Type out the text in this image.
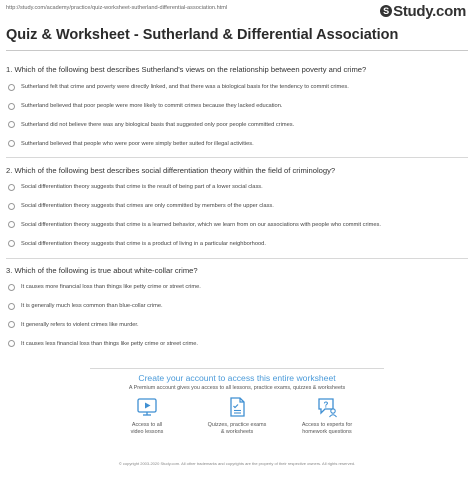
http://study.com/academy/practice/quiz-worksheet-sutherland-differential-association.html	S Study.com
Quiz & Worksheet - Sutherland & Differential Association
1. Which of the following best describes Sutherland's views on the relationship between poverty and crime?
Sutherland felt that crime and poverty were directly linked, and that there was a biological basis for the tendency to commit crimes.
Sutherland believed that poor people were more likely to commit crimes because they lacked education.
Sutherland did not believe there was any biological basis that suggested only poor people committed crimes.
Sutherland believed that people who were poor were simply better suited for illegal activities.
2. Which of the following best describes social differentiation theory within the field of criminology?
Social differentiation theory suggests that crime is the result of being part of a lower social class.
Social differentiation theory suggests that crimes are only committed by members of the upper class.
Social differentiation theory suggests that crime is a learned behavior, which we learn from on our associations with people who commit crimes.
Social differentiation theory suggests that crime is a product of living in a particular neighborhood.
3. Which of the following is true about white-collar crime?
It causes more financial loss than things like petty crime or street crime.
It is generally much less common than blue-collar crime.
It generally refers to violent crimes like murder.
It causes less financial loss than things like petty crime or street crime.
Create your account to access this entire worksheet
A Premium account gives you access to all lessons, practice exams, quizzes & worksheets
Access to all
video lessons
Quizzes, practice exams
& worksheets
?
Access to experts for
homework questions
© copyright 2003-2020 Study.com. All other trademarks and copyrights are the property of their respective owners. All rights reserved.
